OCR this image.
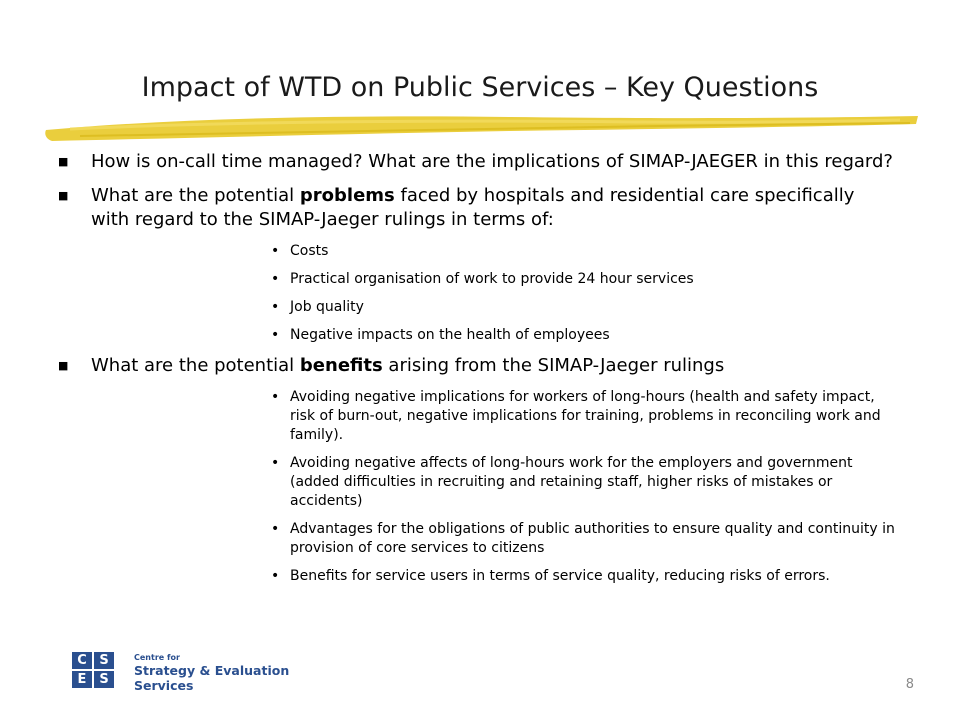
Impact of WTD on Public Services – Key Questions
■ How is on-call time managed? What are the implications of SIMAP-JAEGER in this regard?
■ What are the potential problems faced by hospitals and residential care specifically with regard to the SIMAP-Jaeger rulings in terms of:
• Costs
• Practical organisation of work to provide 24 hour services
• Job quality
• Negative impacts on the health of employees
■ What are the potential benefits arising from the SIMAP-Jaeger rulings
• Avoiding negative implications for workers of long-hours (health and safety impact, risk of burn-out, negative implications for training, problems in reconciling work and family).
• Avoiding negative affects of long-hours work for the employers and government (added difficulties in recruiting and retaining staff, higher risks of mistakes or accidents)
• Advantages for the obligations of public authorities to ensure quality and continuity in provision of core services to citizens
• Benefits for service users in terms of service quality, reducing risks of errors.
C S
E S
Centre for
Strategy & Evaluation
Services	8
